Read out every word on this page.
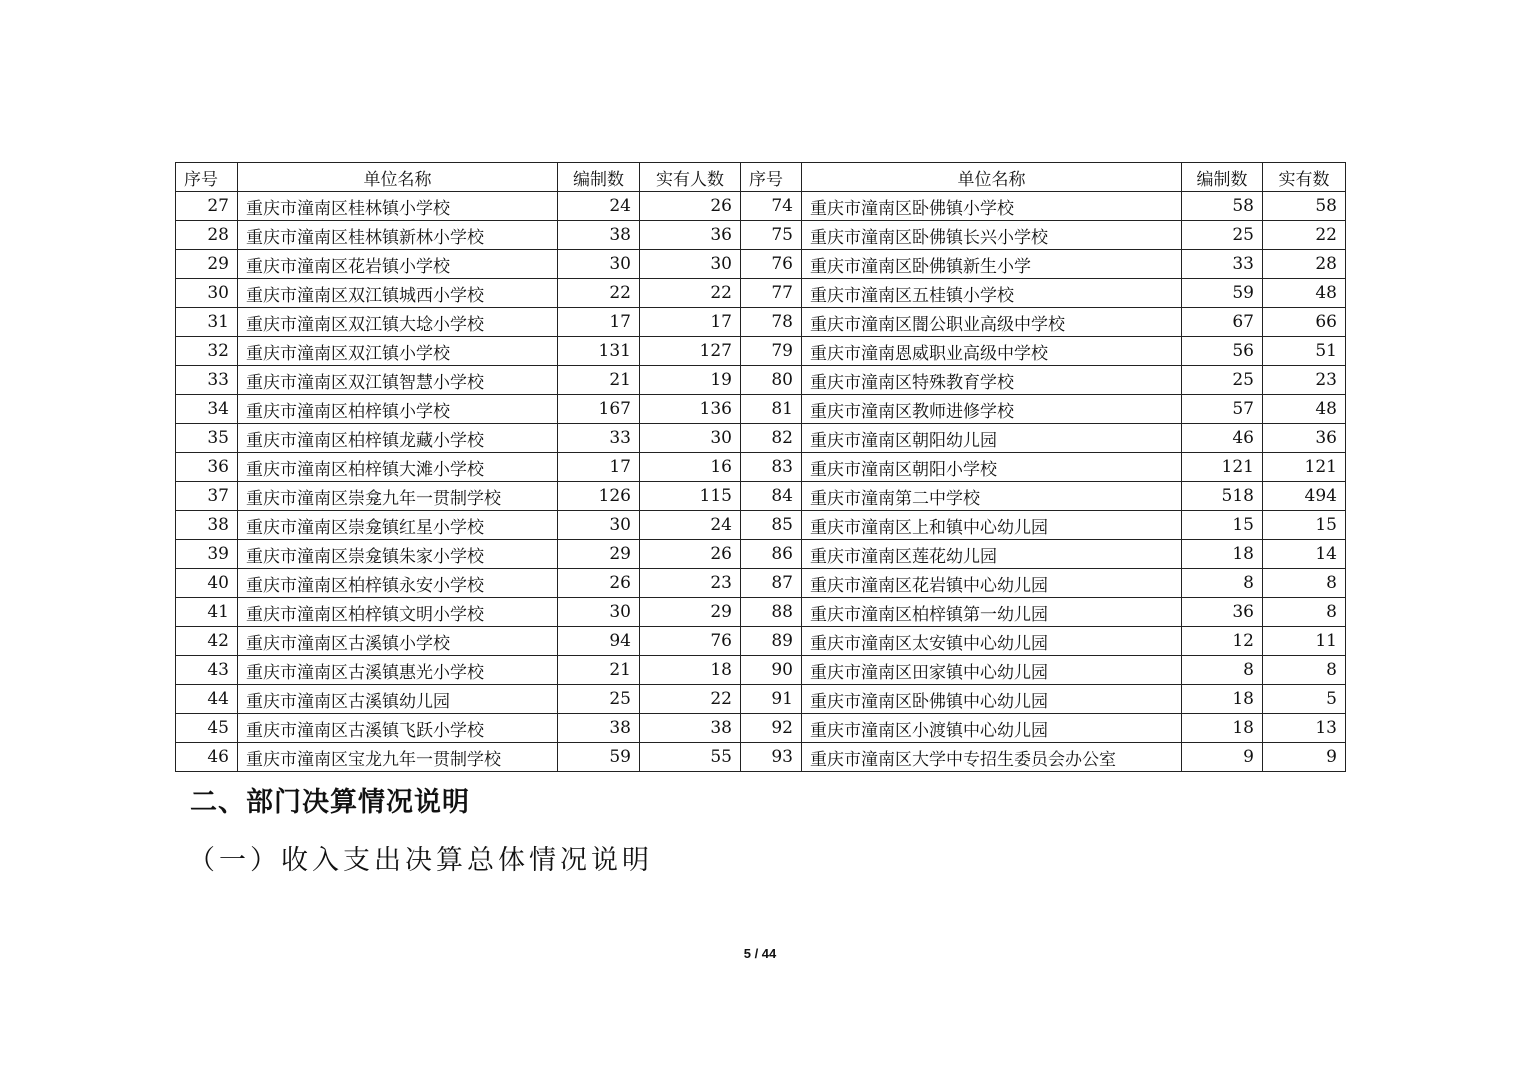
序号	单位名称	编制数	实有人数	序号	单位名称	编制数	实有数
27	重庆市潼南区桂林镇小学校	24	26	74	重庆市潼南区卧佛镇小学校	58	58
28	重庆市潼南区桂林镇新林小学校	38	36	75	重庆市潼南区卧佛镇长兴小学校	25	22
29	重庆市潼南区花岩镇小学校	30	30	76	重庆市潼南区卧佛镇新生小学	33	28
30	重庆市潼南区双江镇城西小学校	22	22	77	重庆市潼南区五桂镇小学校	59	48
31	重庆市潼南区双江镇大埝小学校	17	17	78	重庆市潼南区闇公职业高级中学校	67	66
32	重庆市潼南区双江镇小学校	131	127	79	重庆市潼南恩威职业高级中学校	56	51
33	重庆市潼南区双江镇智慧小学校	21	19	80	重庆市潼南区特殊教育学校	25	23
34	重庆市潼南区柏梓镇小学校	167	136	81	重庆市潼南区教师进修学校	57	48
35	重庆市潼南区柏梓镇龙藏小学校	33	30	82	重庆市潼南区朝阳幼儿园	46	36
36	重庆市潼南区柏梓镇大滩小学校	17	16	83	重庆市潼南区朝阳小学校	121	121
37	重庆市潼南区崇龛九年一贯制学校	126	115	84	重庆市潼南第二中学校	518	494
38	重庆市潼南区崇龛镇红星小学校	30	24	85	重庆市潼南区上和镇中心幼儿园	15	15
39	重庆市潼南区崇龛镇朱家小学校	29	26	86	重庆市潼南区莲花幼儿园	18	14
40	重庆市潼南区柏梓镇永安小学校	26	23	87	重庆市潼南区花岩镇中心幼儿园	8	8
41	重庆市潼南区柏梓镇文明小学校	30	29	88	重庆市潼南区柏梓镇第一幼儿园	36	8
42	重庆市潼南区古溪镇小学校	94	76	89	重庆市潼南区太安镇中心幼儿园	12	11
43	重庆市潼南区古溪镇惠光小学校	21	18	90	重庆市潼南区田家镇中心幼儿园	8	8
44	重庆市潼南区古溪镇幼儿园	25	22	91	重庆市潼南区卧佛镇中心幼儿园	18	5
45	重庆市潼南区古溪镇飞跃小学校	38	38	92	重庆市潼南区小渡镇中心幼儿园	18	13
46	重庆市潼南区宝龙九年一贯制学校	59	55	93	重庆市潼南区大学中专招生委员会办公室	9	9
二、部门决算情况说明
（一）收入支出决算总体情况说明
5 / 44
